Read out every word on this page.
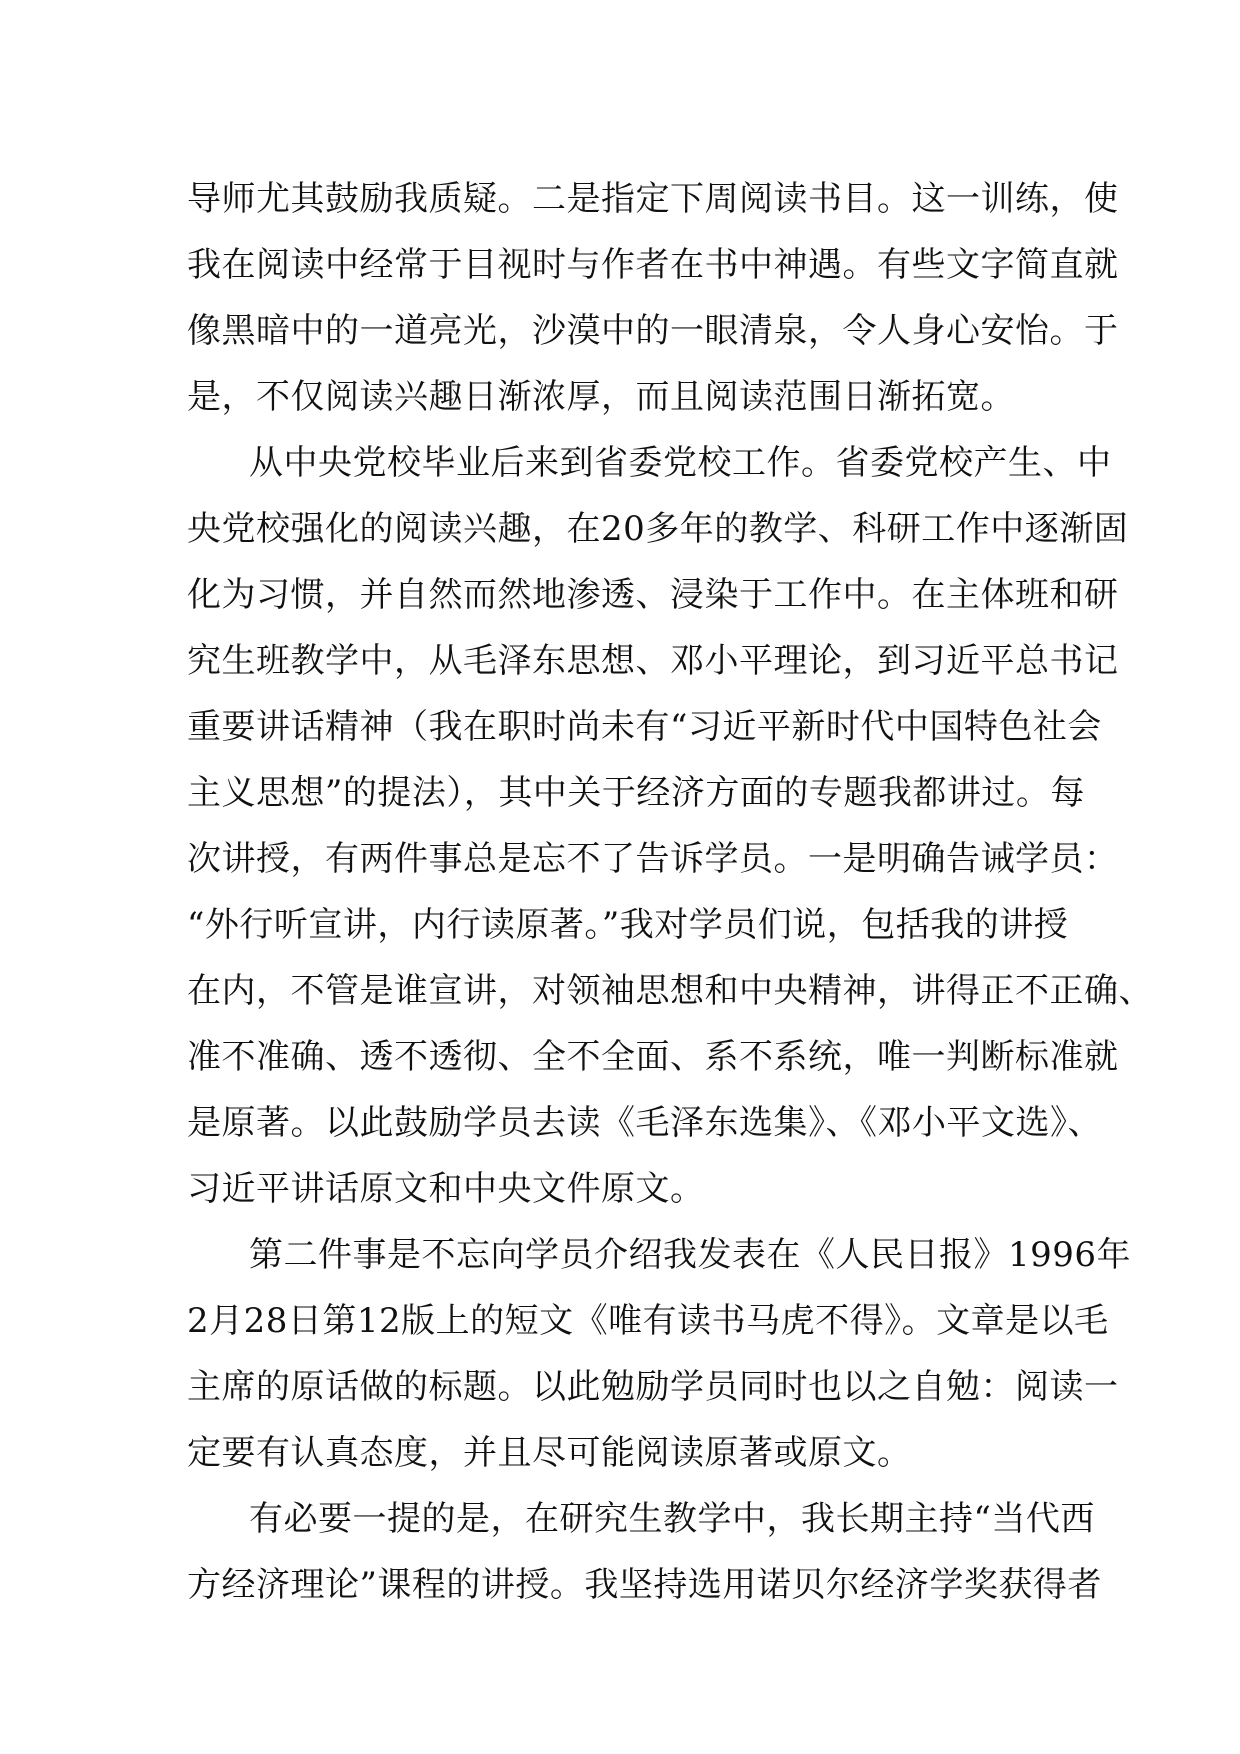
导师尤其鼓励我质疑。二是指定下周阅读书目。这一训练，使
我在阅读中经常于目视时与作者在书中神遇。有些文字简直就
像黑暗中的一道亮光，沙漠中的一眼清泉，令人身心安怡。于
是，不仅阅读兴趣日渐浓厚，而且阅读范围日渐拓宽。
从中央党校毕业后来到省委党校工作。省委党校产生、中
央党校强化的阅读兴趣，在20多年的教学、科研工作中逐渐固
化为习惯，并自然而然地渗透、浸染于工作中。在主体班和研
究生班教学中，从毛泽东思想、邓小平理论，到习近平总书记
重要讲话精神（我在职时尚未有“习近平新时代中国特色社会
主义思想”的提法），其中关于经济方面的专题我都讲过。每
次讲授，有两件事总是忘不了告诉学员。一是明确告诫学员：
“外行听宣讲，内行读原著。”我对学员们说，包括我的讲授
在内，不管是谁宣讲，对领袖思想和中央精神，讲得正不正确、
准不准确、透不透彻、全不全面、系不系统，唯一判断标准就
是原著。以此鼓励学员去读《毛泽东选集》、《邓小平文选》、
习近平讲话原文和中央文件原文。
第二件事是不忘向学员介绍我发表在《人民日报》1996年
2月28日第12版上的短文《唯有读书马虎不得》。文章是以毛
主席的原话做的标题。以此勉励学员同时也以之自勉：阅读一
定要有认真态度，并且尽可能阅读原著或原文。
有必要一提的是，在研究生教学中，我长期主持“当代西
方经济理论”课程的讲授。我坚持选用诺贝尔经济学奖获得者
